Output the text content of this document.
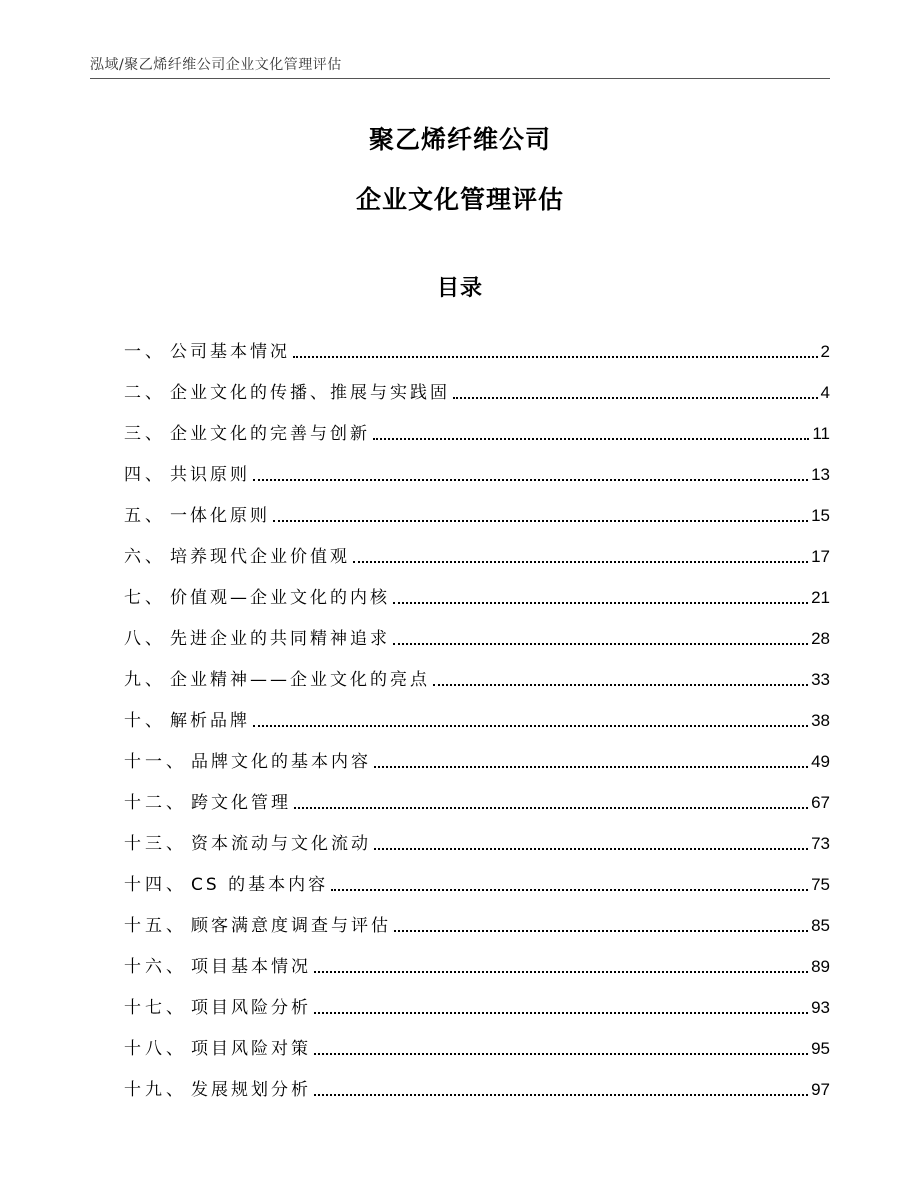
泓域/聚乙烯纤维公司企业文化管理评估
聚乙烯纤维公司
企业文化管理评估
目录
一、 公司基本情况	2
二、 企业文化的传播、推展与实践固	4
三、 企业文化的完善与创新	11
四、 共识原则	13
五、 一体化原则	15
六、 培养现代企业价值观	17
七、 价值观—企业文化的内核	21
八、 先进企业的共同精神追求	28
九、 企业精神——企业文化的亮点	33
十、 解析品牌	38
十一、 品牌文化的基本内容	49
十二、 跨文化管理	67
十三、 资本流动与文化流动	73
十四、 CS 的基本内容	75
十五、 顾客满意度调查与评估	85
十六、 项目基本情况	89
十七、 项目风险分析	93
十八、 项目风险对策	95
十九、 发展规划分析	97
